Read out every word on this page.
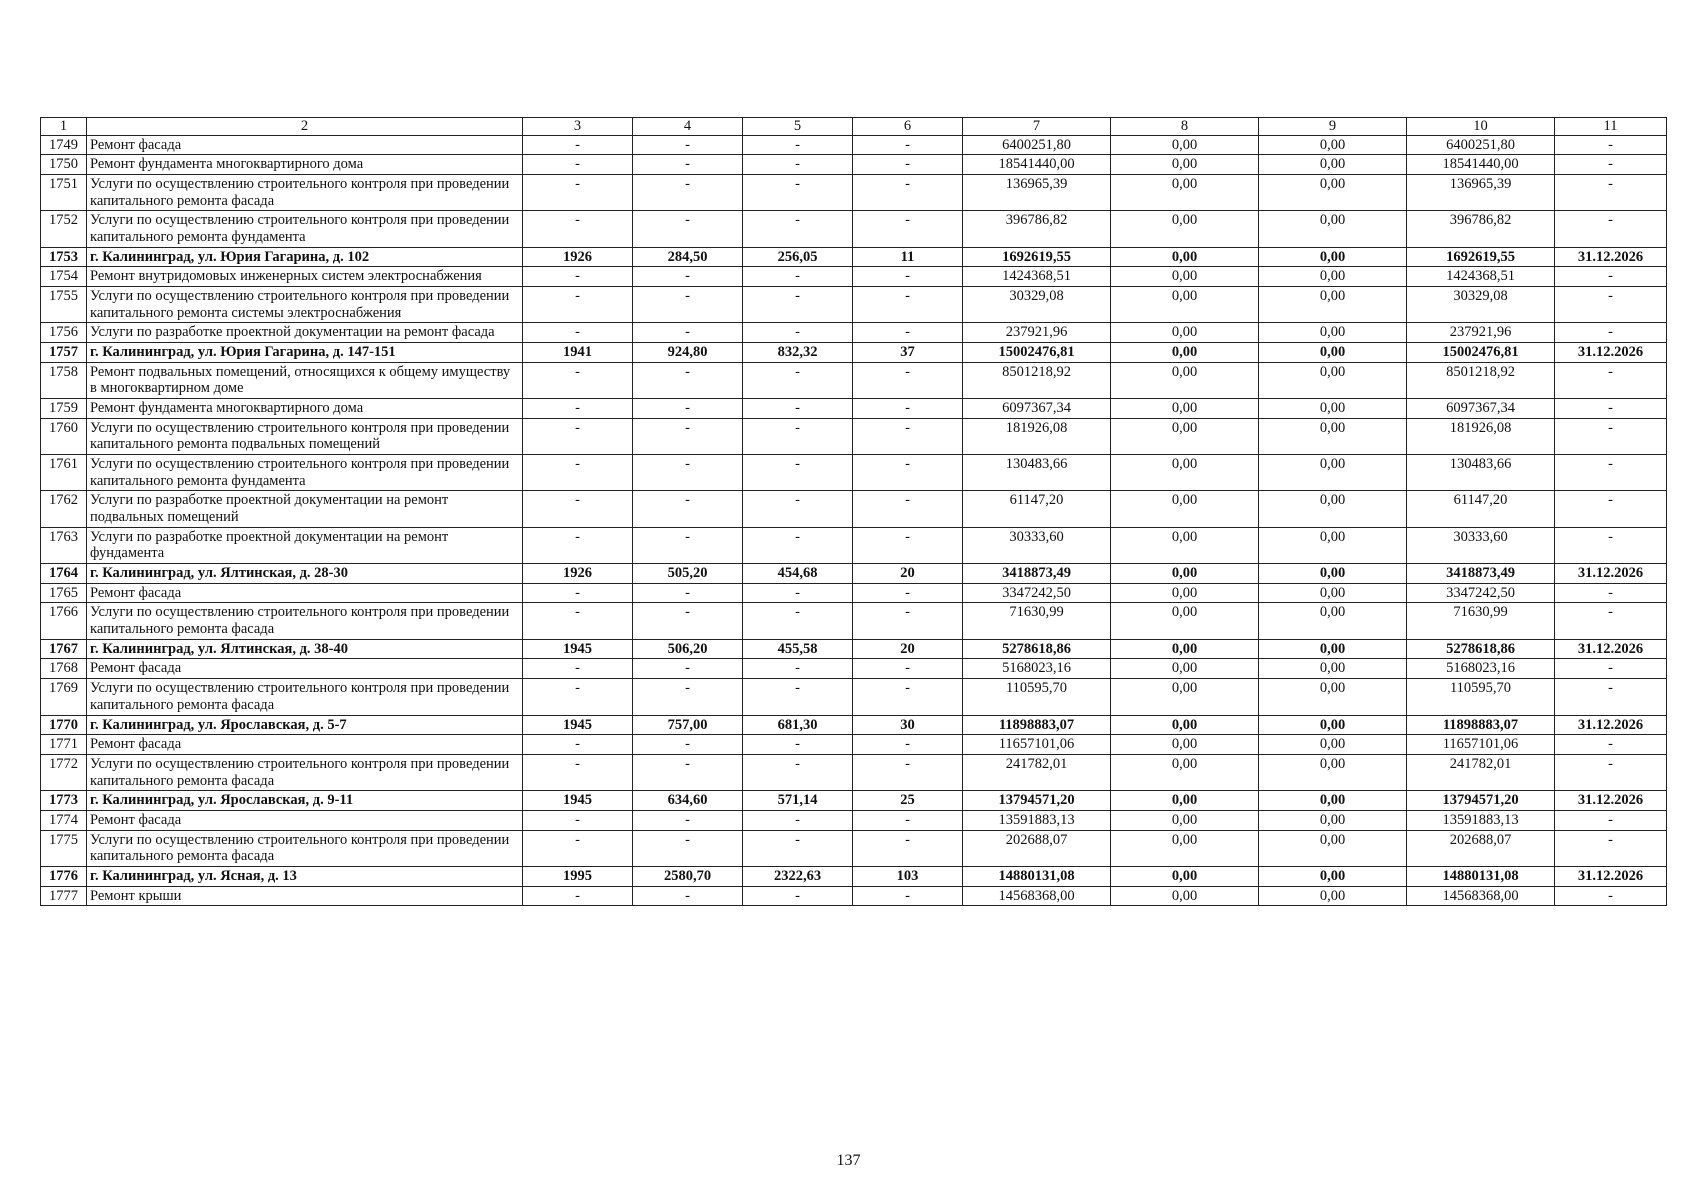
1	2	3	4	5	6	7	8	9	10	11
1749	Ремонт фасада	-	-	-	-	6400251,80	0,00	0,00	6400251,80	-
1750	Ремонт фундамента многоквартирного дома	-	-	-	-	18541440,00	0,00	0,00	18541440,00	-
1751	Услуги по осуществлению строительного контроля при проведении капитального ремонта фасада	-	-	-	-	136965,39	0,00	0,00	136965,39	-
1752	Услуги по осуществлению строительного контроля при проведении капитального ремонта фундамента	-	-	-	-	396786,82	0,00	0,00	396786,82	-
1753	г. Калининград, ул. Юрия Гагарина, д. 102	1926	284,50	256,05	11	1692619,55	0,00	0,00	1692619,55	31.12.2026
1754	Ремонт внутридомовых инженерных систем электроснабжения	-	-	-	-	1424368,51	0,00	0,00	1424368,51	-
1755	Услуги по осуществлению строительного контроля при проведении капитального ремонта системы электроснабжения	-	-	-	-	30329,08	0,00	0,00	30329,08	-
1756	Услуги по разработке проектной документации на ремонт фасада	-	-	-	-	237921,96	0,00	0,00	237921,96	-
1757	г. Калининград, ул. Юрия Гагарина, д. 147-151	1941	924,80	832,32	37	15002476,81	0,00	0,00	15002476,81	31.12.2026
1758	Ремонт подвальных помещений, относящихся к общему имуществу в многоквартирном доме	-	-	-	-	8501218,92	0,00	0,00	8501218,92	-
1759	Ремонт фундамента многоквартирного дома	-	-	-	-	6097367,34	0,00	0,00	6097367,34	-
1760	Услуги по осуществлению строительного контроля при проведении капитального ремонта подвальных помещений	-	-	-	-	181926,08	0,00	0,00	181926,08	-
1761	Услуги по осуществлению строительного контроля при проведении капитального ремонта фундамента	-	-	-	-	130483,66	0,00	0,00	130483,66	-
1762	Услуги по разработке проектной документации на ремонт подвальных помещений	-	-	-	-	61147,20	0,00	0,00	61147,20	-
1763	Услуги по разработке проектной документации на ремонт фундамента	-	-	-	-	30333,60	0,00	0,00	30333,60	-
1764	г. Калининград, ул. Ялтинская, д. 28-30	1926	505,20	454,68	20	3418873,49	0,00	0,00	3418873,49	31.12.2026
1765	Ремонт фасада	-	-	-	-	3347242,50	0,00	0,00	3347242,50	-
1766	Услуги по осуществлению строительного контроля при проведении капитального ремонта фасада	-	-	-	-	71630,99	0,00	0,00	71630,99	-
1767	г. Калининград, ул. Ялтинская, д. 38-40	1945	506,20	455,58	20	5278618,86	0,00	0,00	5278618,86	31.12.2026
1768	Ремонт фасада	-	-	-	-	5168023,16	0,00	0,00	5168023,16	-
1769	Услуги по осуществлению строительного контроля при проведении капитального ремонта фасада	-	-	-	-	110595,70	0,00	0,00	110595,70	-
1770	г. Калининград, ул. Ярославская, д. 5-7	1945	757,00	681,30	30	11898883,07	0,00	0,00	11898883,07	31.12.2026
1771	Ремонт фасада	-	-	-	-	11657101,06	0,00	0,00	11657101,06	-
1772	Услуги по осуществлению строительного контроля при проведении капитального ремонта фасада	-	-	-	-	241782,01	0,00	0,00	241782,01	-
1773	г. Калининград, ул. Ярославская, д. 9-11	1945	634,60	571,14	25	13794571,20	0,00	0,00	13794571,20	31.12.2026
1774	Ремонт фасада	-	-	-	-	13591883,13	0,00	0,00	13591883,13	-
1775	Услуги по осуществлению строительного контроля при проведении капитального ремонта фасада	-	-	-	-	202688,07	0,00	0,00	202688,07	-
1776	г. Калининград, ул. Ясная, д. 13	1995	2580,70	2322,63	103	14880131,08	0,00	0,00	14880131,08	31.12.2026
1777	Ремонт крыши	-	-	-	-	14568368,00	0,00	0,00	14568368,00	-
137
